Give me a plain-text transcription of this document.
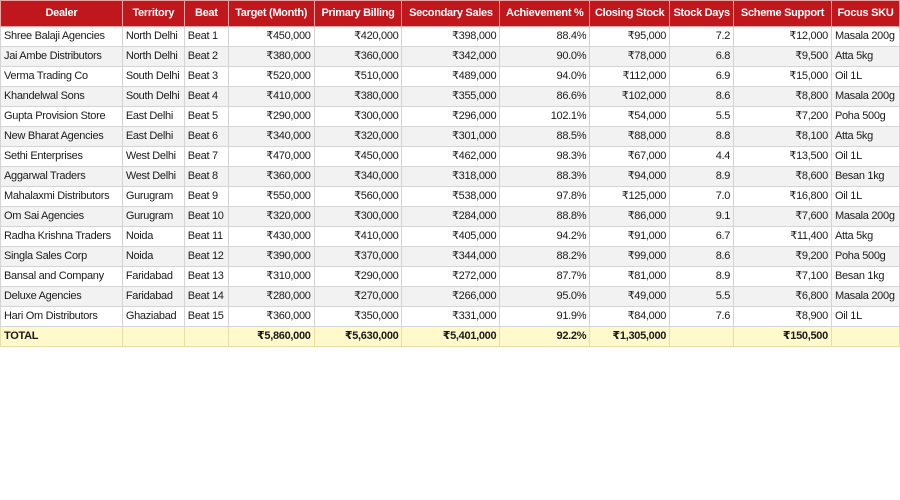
Dealer	Territory	Beat	Target (Month)	Primary Billing	Secondary Sales	Achievement %	Closing Stock	Stock Days	Scheme Support	Focus SKU
Shree Balaji Agencies	North Delhi	Beat 1	₹450,000	₹420,000	₹398,000	88.4%	₹95,000	7.2	₹12,000	Masala 200g
Jai Ambe Distributors	North Delhi	Beat 2	₹380,000	₹360,000	₹342,000	90.0%	₹78,000	6.8	₹9,500	Atta 5kg
Verma Trading Co	South Delhi	Beat 3	₹520,000	₹510,000	₹489,000	94.0%	₹112,000	6.9	₹15,000	Oil 1L
Khandelwal Sons	South Delhi	Beat 4	₹410,000	₹380,000	₹355,000	86.6%	₹102,000	8.6	₹8,800	Masala 200g
Gupta Provision Store	East Delhi	Beat 5	₹290,000	₹300,000	₹296,000	102.1%	₹54,000	5.5	₹7,200	Poha 500g
New Bharat Agencies	East Delhi	Beat 6	₹340,000	₹320,000	₹301,000	88.5%	₹88,000	8.8	₹8,100	Atta 5kg
Sethi Enterprises	West Delhi	Beat 7	₹470,000	₹450,000	₹462,000	98.3%	₹67,000	4.4	₹13,500	Oil 1L
Aggarwal Traders	West Delhi	Beat 8	₹360,000	₹340,000	₹318,000	88.3%	₹94,000	8.9	₹8,600	Besan 1kg
Mahalaxmi Distributors	Gurugram	Beat 9	₹550,000	₹560,000	₹538,000	97.8%	₹125,000	7.0	₹16,800	Oil 1L
Om Sai Agencies	Gurugram	Beat 10	₹320,000	₹300,000	₹284,000	88.8%	₹86,000	9.1	₹7,600	Masala 200g
Radha Krishna Traders	Noida	Beat 11	₹430,000	₹410,000	₹405,000	94.2%	₹91,000	6.7	₹11,400	Atta 5kg
Singla Sales Corp	Noida	Beat 12	₹390,000	₹370,000	₹344,000	88.2%	₹99,000	8.6	₹9,200	Poha 500g
Bansal and Company	Faridabad	Beat 13	₹310,000	₹290,000	₹272,000	87.7%	₹81,000	8.9	₹7,100	Besan 1kg
Deluxe Agencies	Faridabad	Beat 14	₹280,000	₹270,000	₹266,000	95.0%	₹49,000	5.5	₹6,800	Masala 200g
Hari Om Distributors	Ghaziabad	Beat 15	₹360,000	₹350,000	₹331,000	91.9%	₹84,000	7.6	₹8,900	Oil 1L
TOTAL			₹5,860,000	₹5,630,000	₹5,401,000	92.2%	₹1,305,000		₹150,500	
